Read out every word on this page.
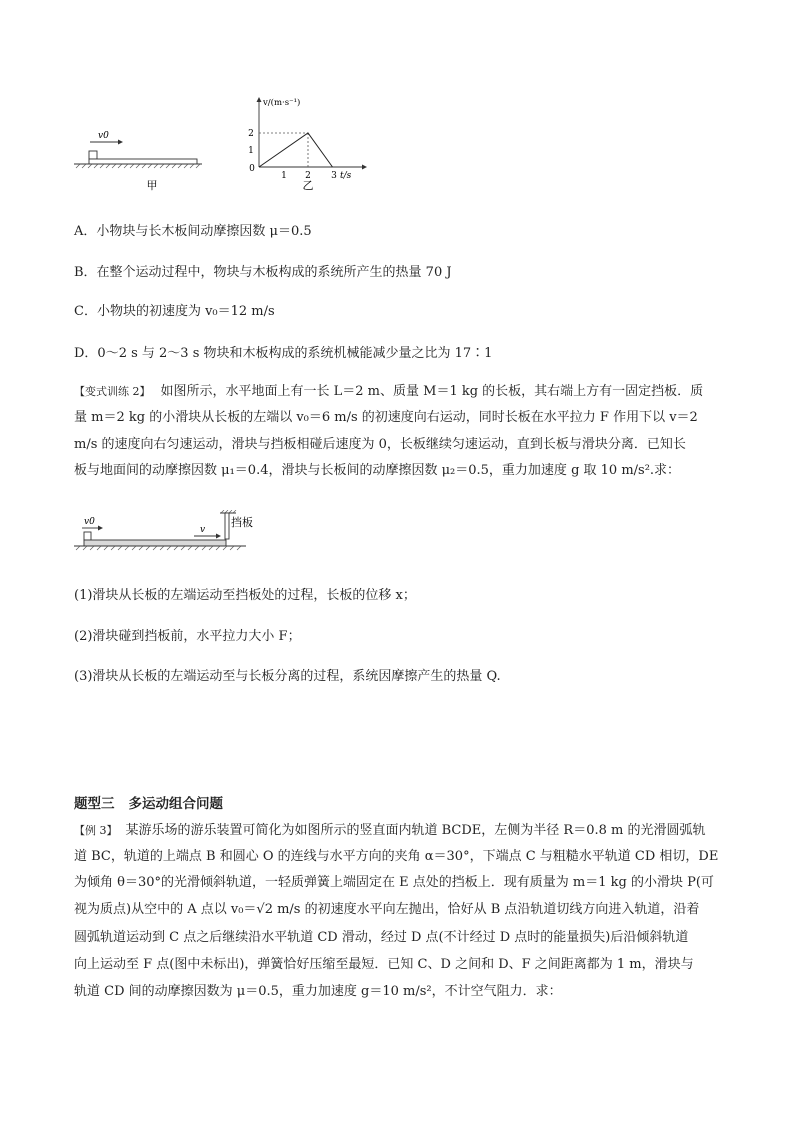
v0
甲
v/(m·s⁻¹)
2
1
0
1 2 3 t/s
乙
A．小物块与长木板间动摩擦因数 μ＝0.5
B．在整个运动过程中，物块与木板构成的系统所产生的热量 70 J
C．小物块的初速度为 v₀＝12 m/s
D．0～2 s 与 2～3 s 物块和木板构成的系统机械能减少量之比为 17∶1
【变式训练 2】 如图所示，水平地面上有一长 L＝2 m、质量 M＝1 kg 的长板，其右端上方有一固定挡板．质
量 m＝2 kg 的小滑块从长板的左端以 v₀＝6 m/s 的初速度向右运动，同时长板在水平拉力 F 作用下以 v＝2
m/s 的速度向右匀速运动，滑块与挡板相碰后速度为 0，长板继续匀速运动，直到长板与滑块分离．已知长
板与地面间的动摩擦因数 μ₁＝0.4，滑块与长板间的动摩擦因数 μ₂＝0.5，重力加速度 g 取 10 m/s².求：
v0
v
挡板
(1)滑块从长板的左端运动至挡板处的过程，长板的位移 x；
(2)滑块碰到挡板前，水平拉力大小 F；
(3)滑块从长板的左端运动至与长板分离的过程，系统因摩擦产生的热量 Q.
题型三 多运动组合问题
【例 3】 某游乐场的游乐装置可简化为如图所示的竖直面内轨道 BCDE，左侧为半径 R＝0.8 m 的光滑圆弧轨
道 BC，轨道的上端点 B 和圆心 O 的连线与水平方向的夹角 α＝30°，下端点 C 与粗糙水平轨道 CD 相切，DE
为倾角 θ＝30°的光滑倾斜轨道，一轻质弹簧上端固定在 E 点处的挡板上．现有质量为 m＝1 kg 的小滑块 P(可
视为质点)从空中的 A 点以 v₀＝√2 m/s 的初速度水平向左抛出，恰好从 B 点沿轨道切线方向进入轨道，沿着
圆弧轨道运动到 C 点之后继续沿水平轨道 CD 滑动，经过 D 点(不计经过 D 点时的能量损失)后沿倾斜轨道
向上运动至 F 点(图中未标出)，弹簧恰好压缩至最短．已知 C、D 之间和 D、F 之间距离都为 1 m，滑块与
轨道 CD 间的动摩擦因数为 μ＝0.5，重力加速度 g＝10 m/s²，不计空气阻力．求：
